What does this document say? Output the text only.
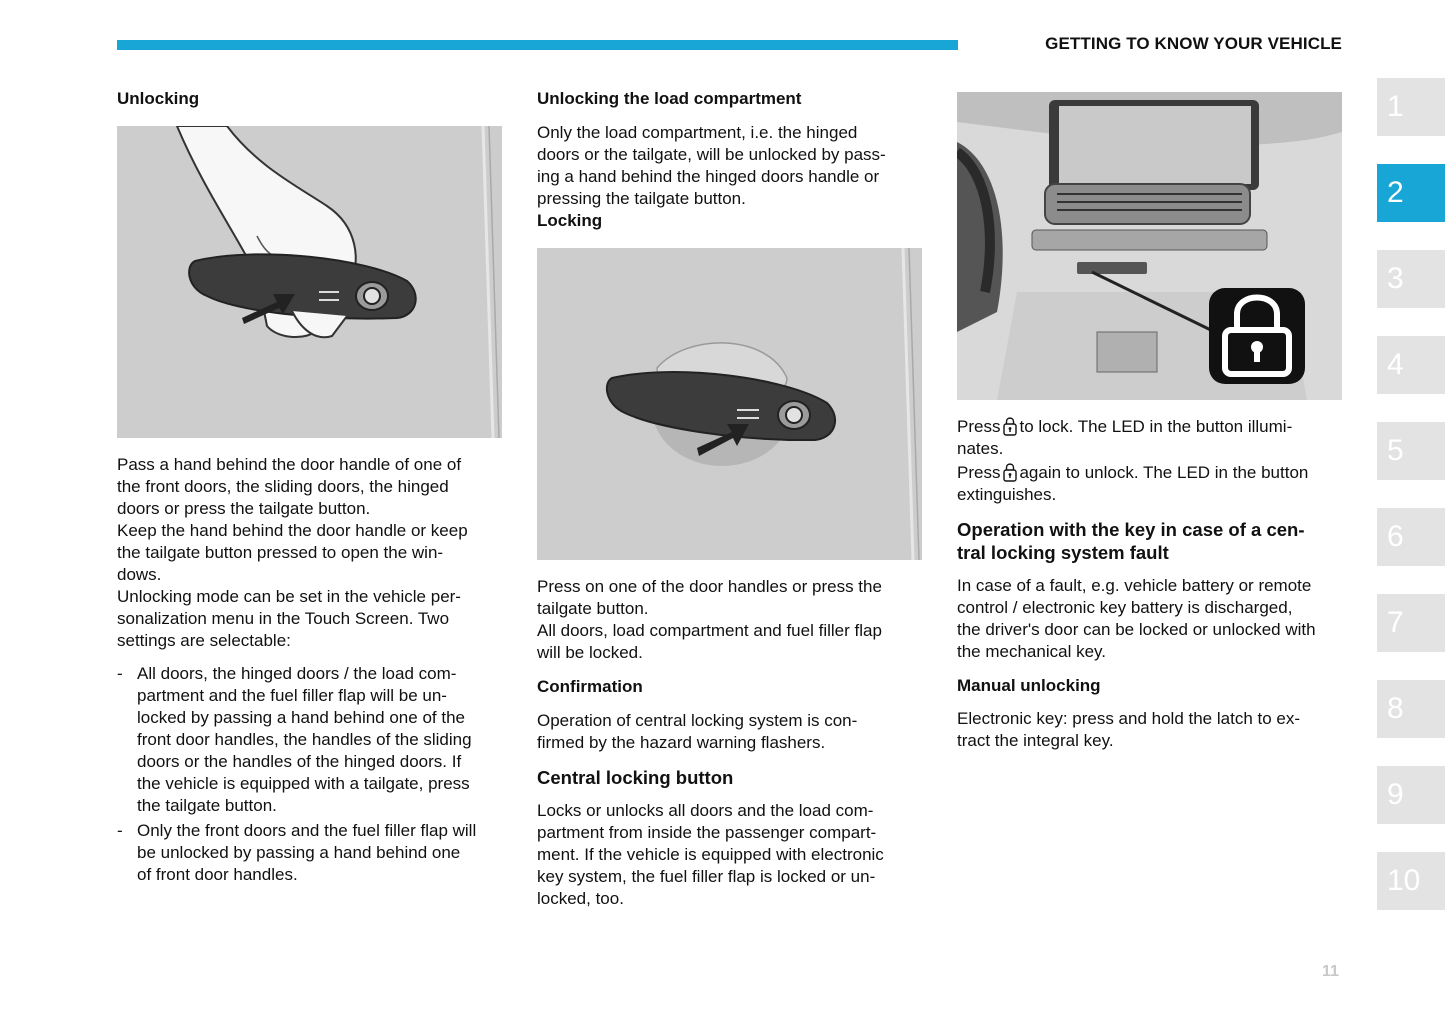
GETTING TO KNOW YOUR VEHICLE
Unlocking

Pass a hand behind the door handle of one of
the front doors, the sliding doors, the hinged
doors or press the tailgate button.

Keep the hand behind the door handle or keep
the tailgate button pressed to open the win-
dows.

Unlocking mode can be set in the vehicle per-
sonalization menu in the Touch Screen. Two
settings are selectable:

- All doors, the hinged doors / the load com-
partment and the fuel filler flap will be un-
locked by passing a hand behind one of the
front door handles, the handles of the sliding
doors or the handles of the hinged doors. If
the vehicle is equipped with a tailgate, press
the tailgate button.
- Only the front doors and the fuel filler flap will
be unlocked by passing a hand behind one
of front door handles.
Unlocking the load compartment

Only the load compartment, i.e. the hinged
doors or the tailgate, will be unlocked by pass-
ing a hand behind the hinged doors handle or
pressing the tailgate button.

Locking

Press on one of the door handles or press the
tailgate button.

All doors, load compartment and fuel filler flap
will be locked.

Confirmation

Operation of central locking system is con-
firmed by the hazard warning flashers.

Central locking button

Locks or unlocks all doors and the load com-
partment from inside the passenger compart-
ment. If the vehicle is equipped with electronic
key system, the fuel filler flap is locked or un-
locked, too.

Press to lock. The LED in the button illumi-
nates.

Press again to unlock. The LED in the button
extinguishes.

Operation with the key in case of a cen-
tral locking system fault

In case of a fault, e.g. vehicle battery or remote
control / electronic key battery is discharged,
the driver's door can be locked or unlocked with
the mechanical key.

Manual unlocking

Electronic key: press and hold the latch to ex-
tract the integral key.

1
2
3
4
5
6
7
8
9
10
11
